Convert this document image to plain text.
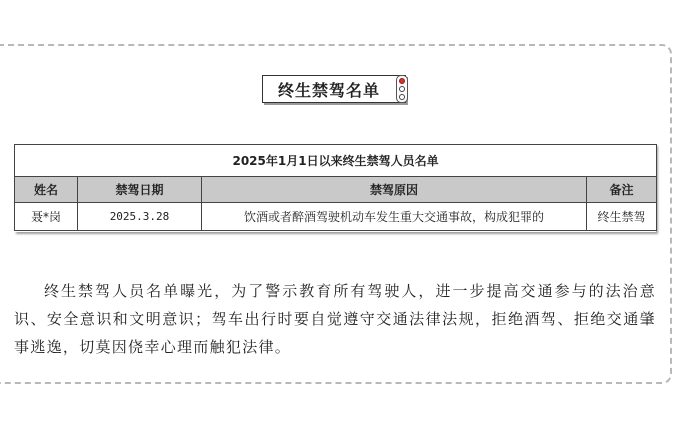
终生禁驾名单
2025年1月1日以来终生禁驾人员名单			
姓名	禁驾日期	禁驾原因	备注
聂*岗	2025.3.28	饮酒或者醉酒驾驶机动车发生重大交通事故，构成犯罪的	终生禁驾

终生禁驾人员名单曝光，为了警示教育所有驾驶人，进一步提高交通参与的法治意识、安全意识和文明意识；驾车出行时要自觉遵守交通法律法规，拒绝酒驾、拒绝交通肇事逃逸，切莫因侥幸心理而触犯法律。
